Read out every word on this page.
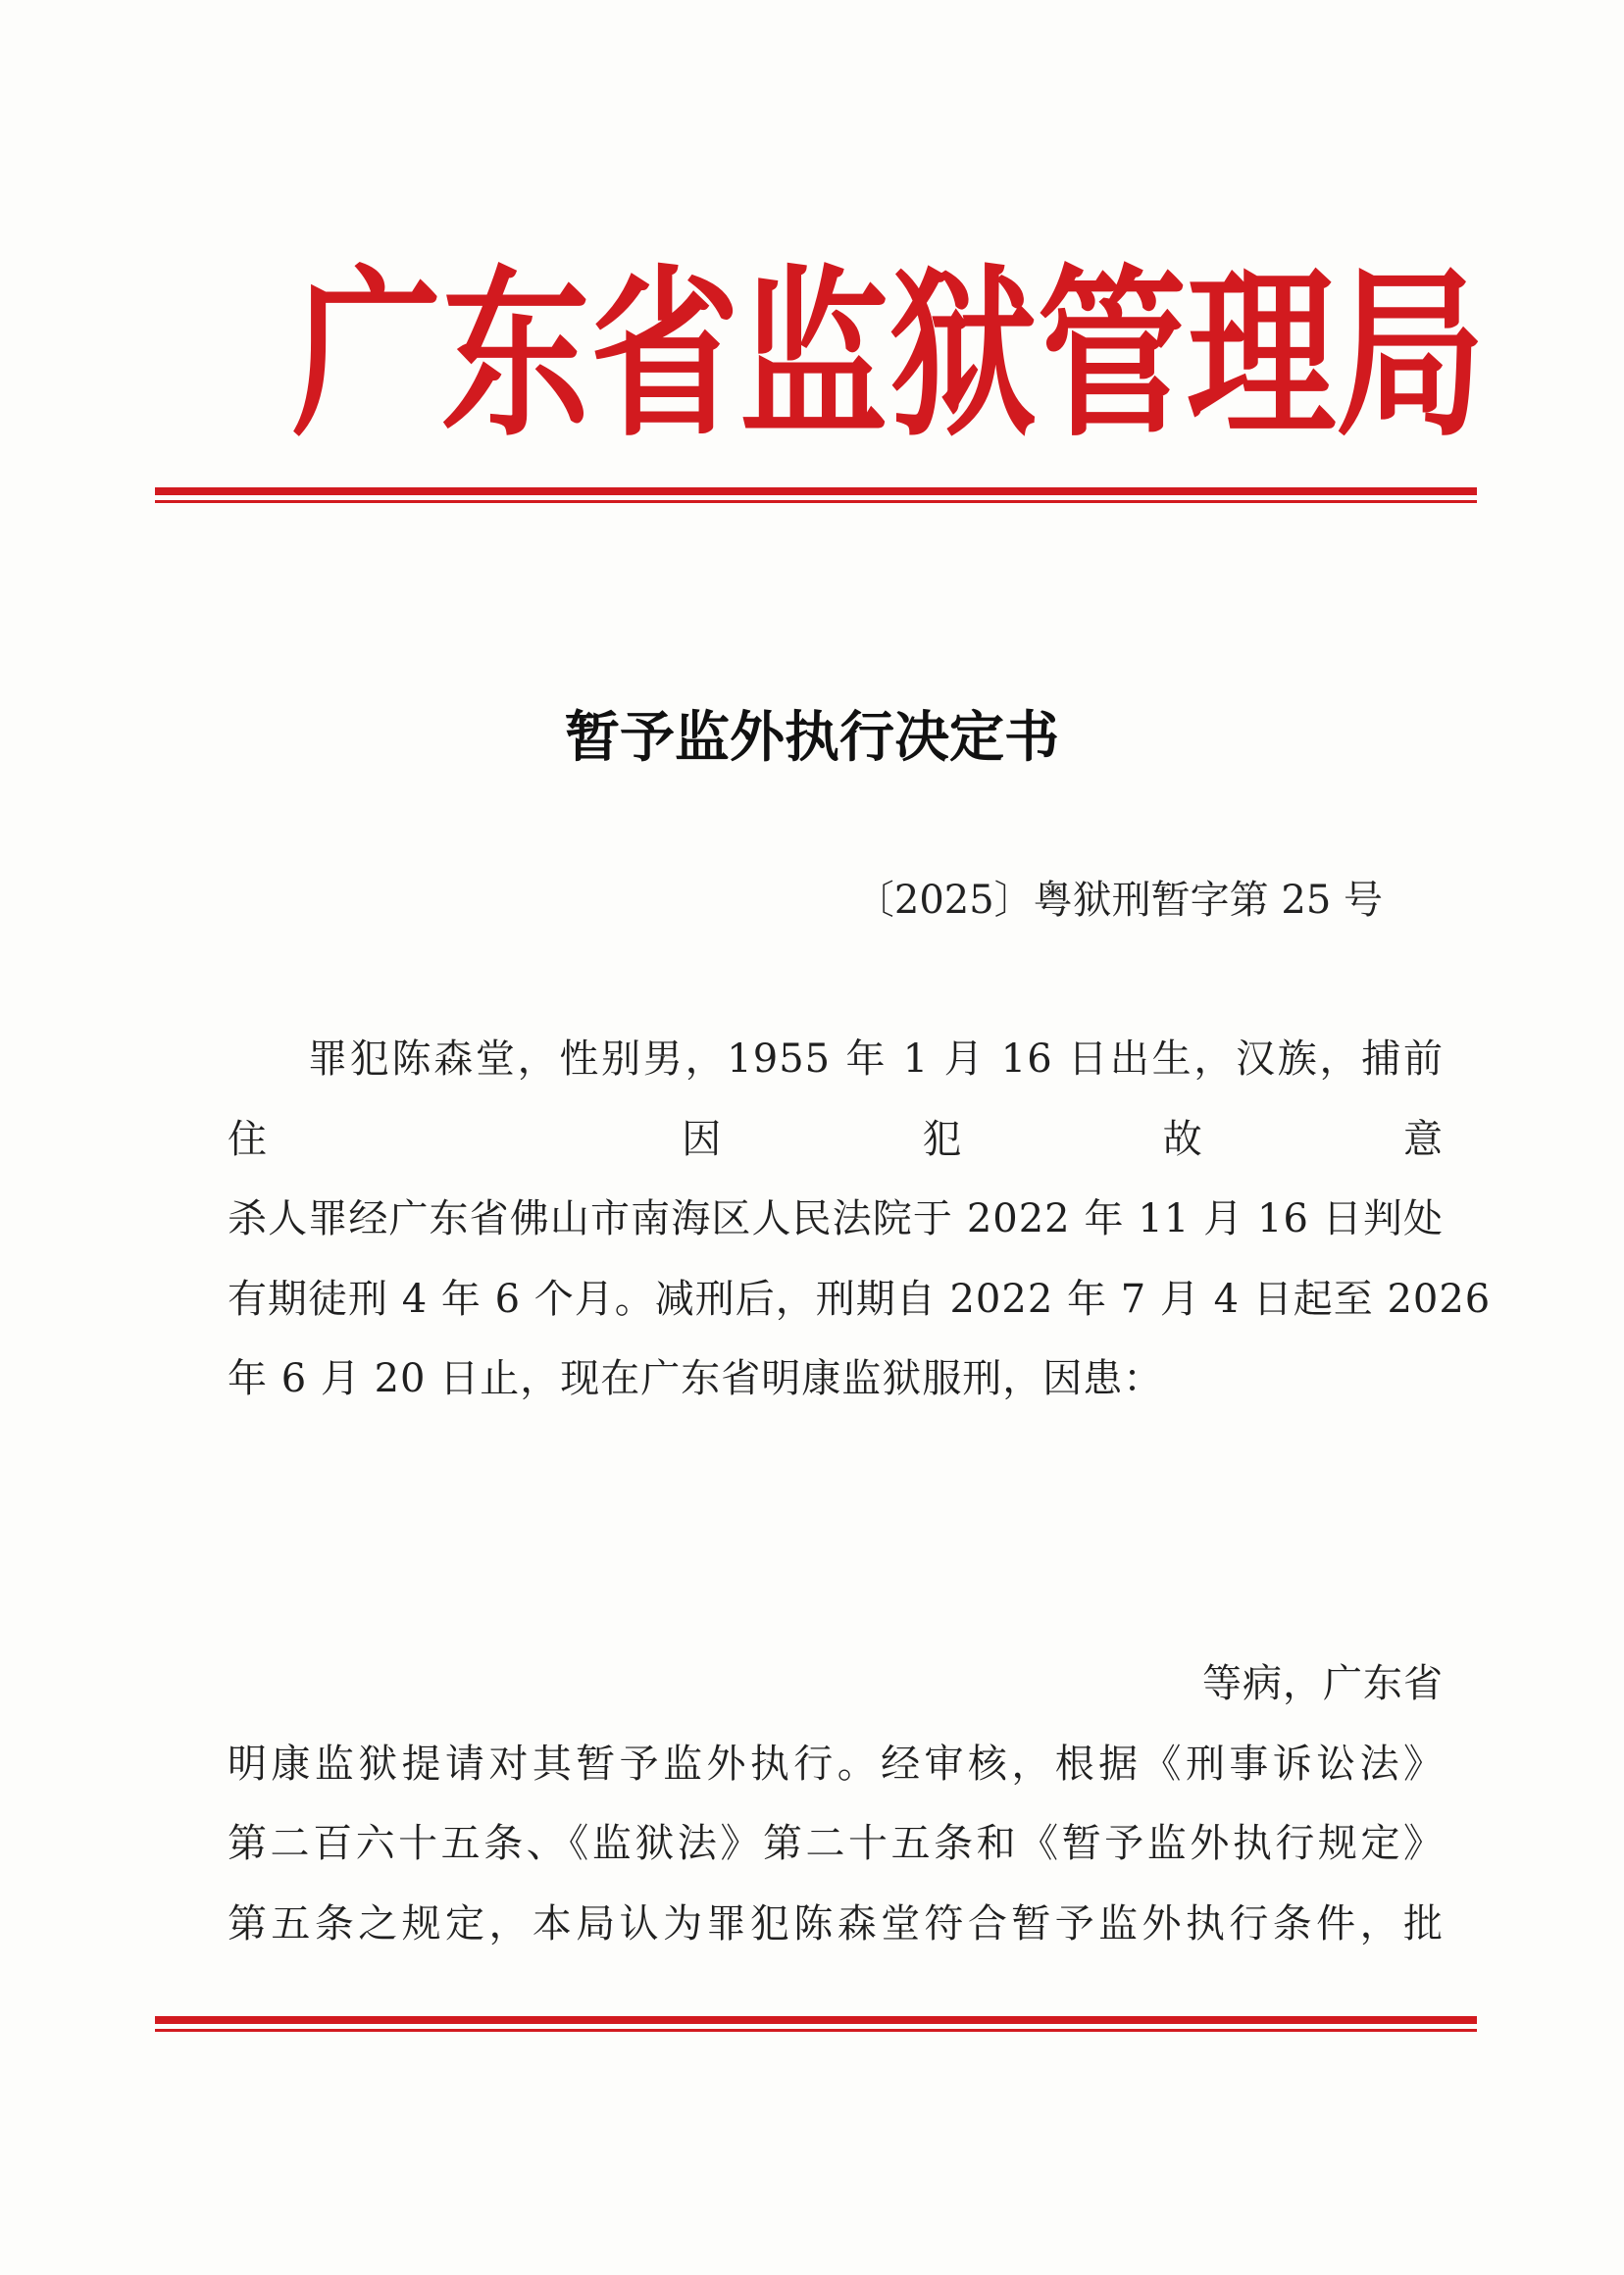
广 东 省 监 狱 管 理 局
暂予监外执行决定书
〔2025〕粤狱刑暂字第 25 号
罪犯陈森堂，性别男，1955 年 1 月 16 日出生，汉族，捕前
住	因犯故意
杀人罪经广东省佛山市南海区人民法院于 2022 年 11 月 16 日判处
有期徒刑 4 年 6 个月。减刑后，刑期自 2022 年 7 月 4 日起至 2026
年 6 月 20 日止，现在广东省明康监狱服刑，因患：
等病，广东省
明康监狱提请对其暂予监外执行。经审核，根据《刑事诉讼法》
第二百六十五条、《监狱法》第二十五条和《暂予监外执行规定》
第五条之规定，本局认为罪犯陈森堂符合暂予监外执行条件，批
